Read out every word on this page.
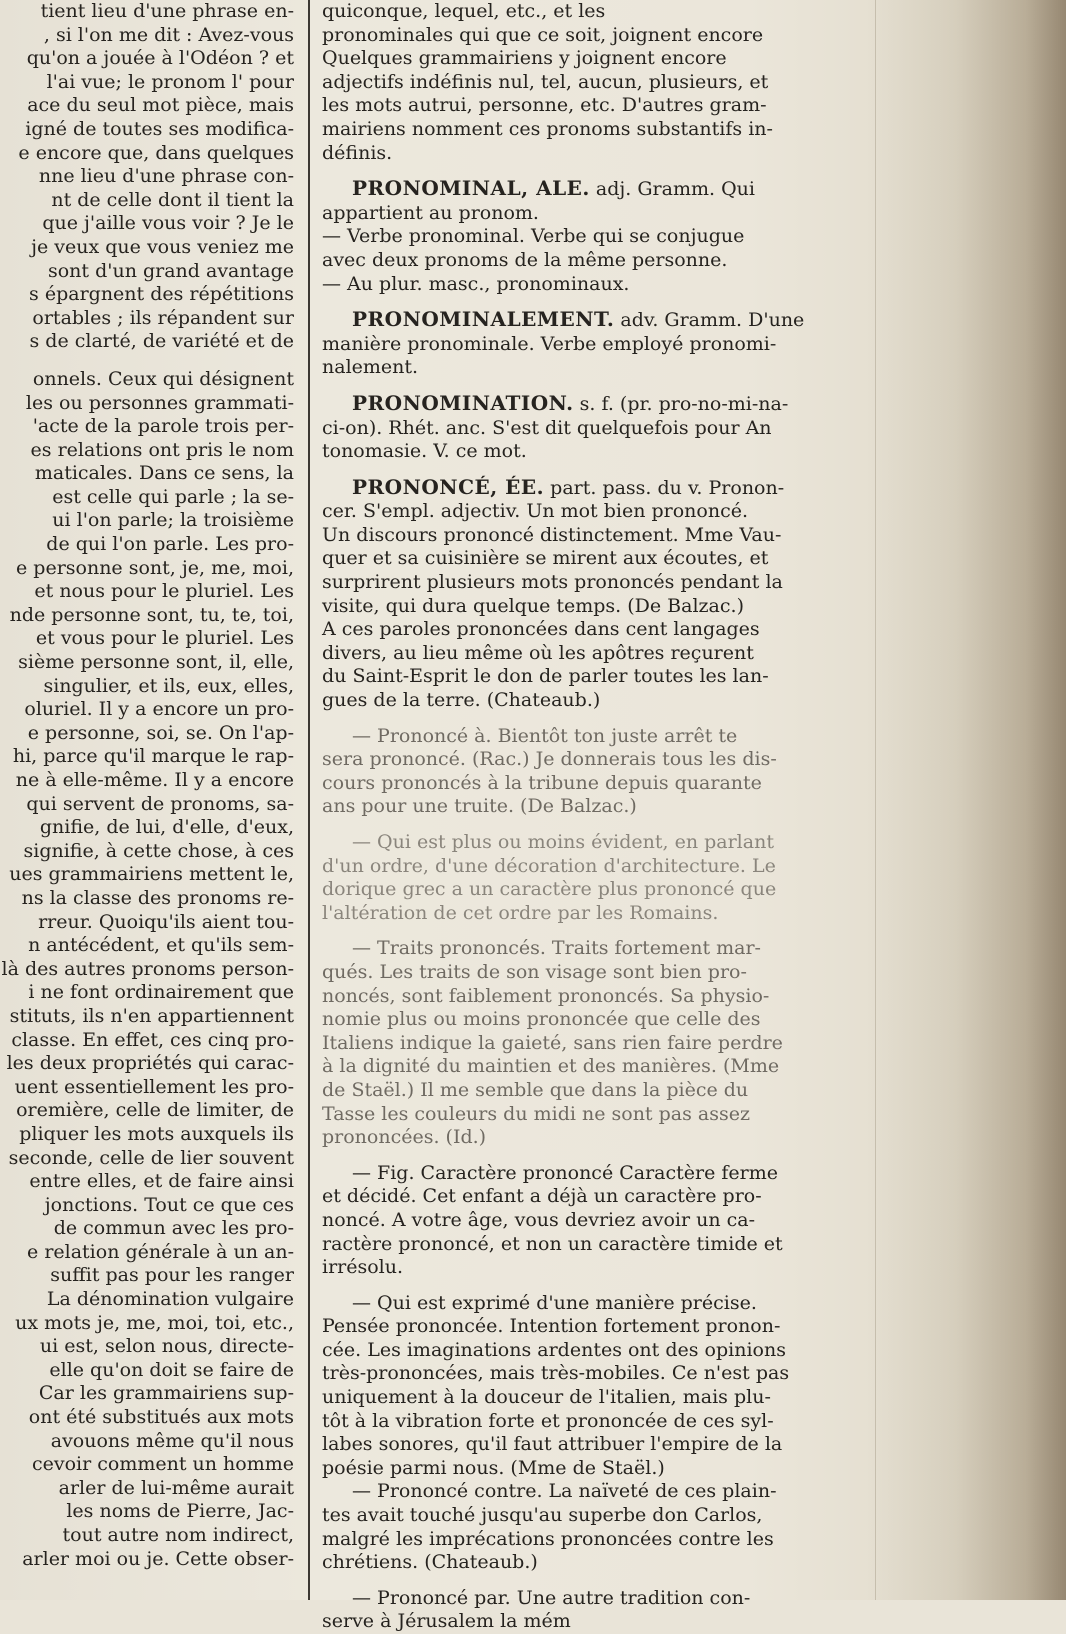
tient lieu d'une phrase en-

, si l'on me dit : Avez-vous

qu'on a jouée à l'Odéon ? et

l'ai vue; le pronom l' pour

ace du seul mot pièce, mais

igné de toutes ses modifica-

e encore que, dans quelques

nne lieu d'une phrase con-

nt de celle dont il tient la

que j'aille vous voir ? Je le

je veux que vous veniez me

sont d'un grand avantage

s épargnent des répétitions

ortables ; ils répandent sur

s de clarté, de variété et de

onnels. Ceux qui désignent

les ou personnes grammati-

'acte de la parole trois per-

es relations ont pris le nom

maticales. Dans ce sens, la

est celle qui parle ; la se-

ui l'on parle; la troisième

de qui l'on parle. Les pro-

e personne sont, je, me, moi,

et nous pour le pluriel. Les

nde personne sont, tu, te, toi,

et vous pour le pluriel. Les

sième personne sont, il, elle,

singulier, et ils, eux, elles,

oluriel. Il y a encore un pro-

e personne, soi, se. On l'ap-

hi, parce qu'il marque le rap-

ne à elle-même. Il y a encore

qui servent de pronoms, sa-

gnifie, de lui, d'elle, d'eux,

signifie, à cette chose, à ces

ues grammairiens mettent le,

ns la classe des pronoms re-

rreur. Quoiqu'ils aient tou-

n antécédent, et qu'ils sem-

là des autres pronoms person-

i ne font ordinairement que

stituts, ils n'en appartiennent

classe. En effet, ces cinq pro-

les deux propriétés qui carac-

uent essentiellement les pro-

oremière, celle de limiter, de

pliquer les mots auxquels ils

seconde, celle de lier souvent

entre elles, et de faire ainsi

jonctions. Tout ce que ces

de commun avec les pro-

e relation générale à un an-

suffit pas pour les ranger

La dénomination vulgaire

ux mots je, me, moi, toi, etc.,

ui est, selon nous, directe-

elle qu'on doit se faire de

Car les grammairiens sup-

ont été substitués aux mots

avouons même qu'il nous

cevoir comment un homme

arler de lui-même aurait

les noms de Pierre, Jac-

tout autre nom indirect,

arler moi ou je. Cette obser-

quiconque, lequel, etc., et les

pronominales qui que ce soit, joignent encore

Quelques grammairiens y joignent encore

adjectifs indéfinis nul, tel, aucun, plusieurs, et

les mots autrui, personne, etc. D'autres gram-

mairiens nomment ces pronoms substantifs in-

définis.

PRONOMINAL, ALE. adj. Gramm. Qui

appartient au pronom.

— Verbe pronominal. Verbe qui se conjugue

avec deux pronoms de la même personne.

— Au plur. masc., pronominaux.

PRONOMINALEMENT. adv. Gramm. D'une

manière pronominale. Verbe employé pronomi-

nalement.

PRONOMINATION. s. f. (pr. pro-no-mi-na-

ci-on). Rhét. anc. S'est dit quelquefois pour An

tonomasie. V. ce mot.

PRONONCÉ, ÉE. part. pass. du v. Pronon-

cer. S'empl. adjectiv. Un mot bien prononcé.

Un discours prononcé distinctement. Mme Vau-

quer et sa cuisinière se mirent aux écoutes, et

surprirent plusieurs mots prononcés pendant la

visite, qui dura quelque temps. (De Balzac.)

A ces paroles prononcées dans cent langages

divers, au lieu même où les apôtres reçurent

du Saint-Esprit le don de parler toutes les lan-

gues de la terre. (Chateaub.)

— Prononcé à. Bientôt ton juste arrêt te

sera prononcé. (Rac.) Je donnerais tous les dis-

cours prononcés à la tribune depuis quarante

ans pour une truite. (De Balzac.)

— Qui est plus ou moins évident, en parlant

d'un ordre, d'une décoration d'architecture. Le

dorique grec a un caractère plus prononcé que

l'altération de cet ordre par les Romains.

— Traits prononcés. Traits fortement mar-

qués. Les traits de son visage sont bien pro-

noncés, sont faiblement prononcés. Sa physio-

nomie plus ou moins prononcée que celle des

Italiens indique la gaieté, sans rien faire perdre

à la dignité du maintien et des manières. (Mme

de Staël.) Il me semble que dans la pièce du

Tasse les couleurs du midi ne sont pas assez

prononcées. (Id.)

— Fig. Caractère prononcé Caractère ferme

et décidé. Cet enfant a déjà un caractère pro-

noncé. A votre âge, vous devriez avoir un ca-

ractère prononcé, et non un caractère timide et

irrésolu.

— Qui est exprimé d'une manière précise.

Pensée prononcée. Intention fortement pronon-

cée. Les imaginations ardentes ont des opinions

très-prononcées, mais très-mobiles. Ce n'est pas

uniquement à la douceur de l'italien, mais plu-

tôt à la vibration forte et prononcée de ces syl-

labes sonores, qu'il faut attribuer l'empire de la

poésie parmi nous. (Mme de Staël.)

— Prononcé contre. La naïveté de ces plain-

tes avait touché jusqu'au superbe don Carlos,

malgré les imprécations prononcées contre les

chrétiens. (Chateaub.)

— Prononcé par. Une autre tradition con-

serve à Jérusalem la mém
